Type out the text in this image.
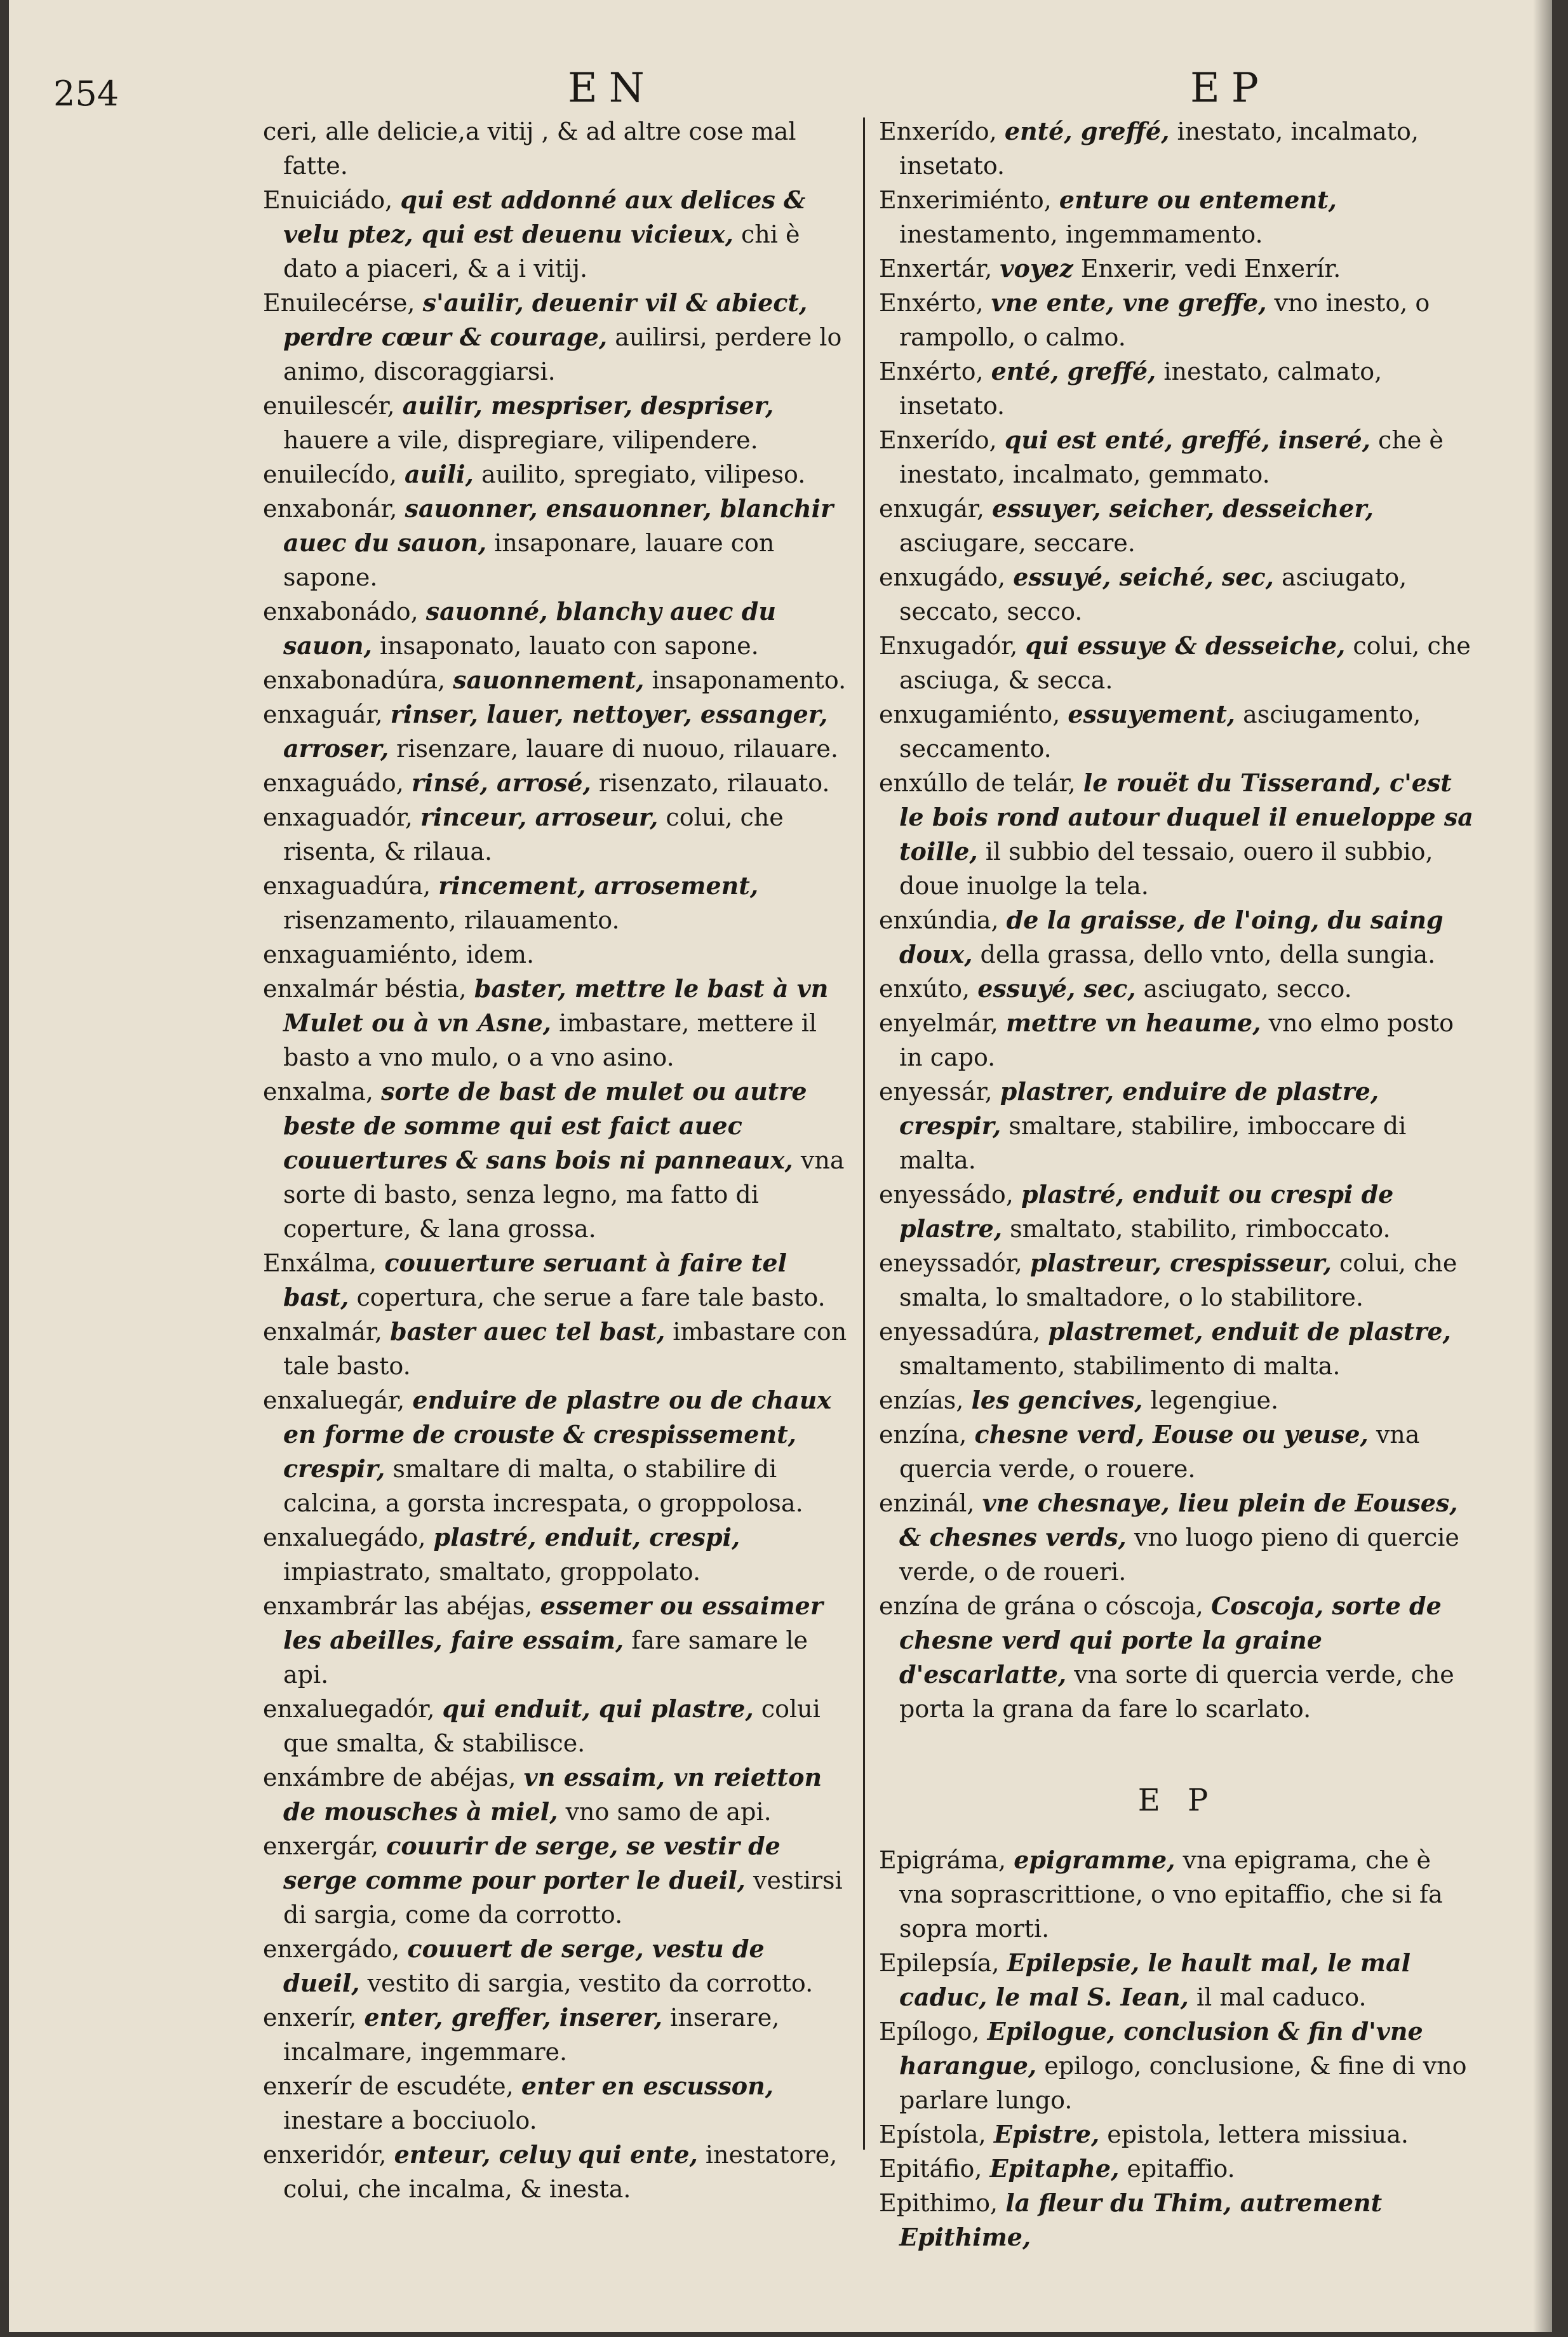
254	EN	EP
ceri, alle delicie,a vitij , & ad altre cose mal fatte.
Enuiciádo, qui est addonné aux delices & velu ptez, qui est deuenu vicieux, chi è dato a piaceri, & a i vitij.
Enuilecérse, s'auilir, deuenir vil & abiect, perdre cœur & courage, auilirsi, perdere lo animo, discoraggiarsi.
enuilescér, auilir, mespriser, despriser, hauere a vile, dispregiare, vilipendere.
enuilecído, auili, auilito, spregiato, vilipeso.
enxabonár, sauonner, ensauonner, blanchir auec du sauon, insaponare, lauare con sapone.
enxabonádo, sauonné, blanchy auec du sauon, insaponato, lauato con sapone.
enxabonadúra, sauonnement, insaponamento.
enxaguár, rinser, lauer, nettoyer, essanger, arroser, risenzare, lauare di nuouo, rilauare.
enxaguádo, rinsé, arrosé, risenzato, rilauato.
enxaguadór, rinceur, arroseur, colui, che risenta, & rilaua.
enxaguadúra, rincement, arrosement, risenzamento, rilauamento.
enxaguamiénto, idem.
enxalmár béstia, baster, mettre le bast à vn Mulet ou à vn Asne, imbastare, mettere il basto a vno mulo, o a vno asino.
enxalma, sorte de bast de mulet ou autre beste de somme qui est faict auec couuertures & sans bois ni panneaux, vna sorte di basto, senza legno, ma fatto di coperture, & lana grossa.
Enxálma, couuerture seruant à faire tel bast, copertura, che serue a fare tale basto.
enxalmár, baster auec tel bast, imbastare con tale basto.
enxaluegár, enduire de plastre ou de chaux en forme de crouste & crespissement, crespir, smaltare di malta, o stabilire di calcina, a gorsta increspata, o groppolosa.
enxaluegádo, plastré, enduit, crespi, impiastrato, smaltato, groppolato.
enxambrár las abéjas, essemer ou essaimer les abeilles, faire essaim, fare samare le api.
enxaluegadór, qui enduit, qui plastre, colui que smalta, & stabilisce.
enxámbre de abéjas, vn essaim, vn reietton de mousches à miel, vno samo de api.
enxergár, couurir de serge, se vestir de serge comme pour porter le dueil, vestirsi di sargia, come da corrotto.
enxergádo, couuert de serge, vestu de dueil, vestito di sargia, vestito da corrotto.
enxerír, enter, greffer, inserer, inserare, incalmare, ingemmare.
enxerír de escudéte, enter en escusson, inestare a bocciuolo.
enxeridór, enteur, celuy qui ente, inestatore, colui, che incalma, & inesta.
Enxerído, enté, greffé, inestato, incalmato, insetato.
Enxerimiénto, enture ou entement, inestamento, ingemmamento.
Enxertár, voyez Enxerir, vedi Enxerír.
Enxérto, vne ente, vne greffe, vno inesto, o rampollo, o calmo.
Enxérto, enté, greffé, inestato, calmato, insetato.
Enxerído, qui est enté, greffé, inseré, che è inestato, incalmato, gemmato.
enxugár, essuyer, seicher, desseicher, asciugare, seccare.
enxugádo, essuyé, seiché, sec, asciugato, seccato, secco.
Enxugadór, qui essuye & desseiche, colui, che asciuga, & secca.
enxugamiénto, essuyement, asciugamento, seccamento.
enxúllo de telár, le rouët du Tisserand, c'est le bois rond autour duquel il enueloppe sa toille, il subbio del tessaio, ouero il subbio, doue inuolge la tela.
enxúndia, de la graisse, de l'oing, du saing doux, della grassa, dello vnto, della sungia.
enxúto, essuyé, sec, asciugato, secco.
enyelmár, mettre vn heaume, vno elmo posto in capo.
enyessár, plastrer, enduire de plastre, crespir, smaltare, stabilire, imboccare di malta.
enyessádo, plastré, enduit ou crespi de plastre, smaltato, stabilito, rimboccato.
eneyssadór, plastreur, crespisseur, colui, che smalta, lo smaltadore, o lo stabilitore.
enyessadúra, plastremet, enduit de plastre, smaltamento, stabilimento di malta.
enzías, les gencives, legengiue.
enzína, chesne verd, Eouse ou yeuse, vna quercia verde, o rouere.
enzinál, vne chesnaye, lieu plein de Eouses, & chesnes verds, vno luogo pieno di quercie verde, o de roueri.
enzína de grána o cóscoja, Coscoja, sorte de chesne verd qui porte la graine d'escarlatte, vna sorte di quercia verde, che porta la grana da fare lo scarlato.
E P
Epigráma, epigramme, vna epigrama, che è vna soprascrittione, o vno epitaffio, che si fa sopra morti.
Epilepsía, Epilepsie, le hault mal, le mal caduc, le mal S. Iean, il mal caduco.
Epílogo, Epilogue, conclusion & fin d'vne harangue, epilogo, conclusione, & fine di vno parlare lungo.
Epístola, Epistre, epistola, lettera missiua.
Epitáfio, Epitaphe, epitaffio.
Epithimo, la fleur du Thim, autrement Epithime,
